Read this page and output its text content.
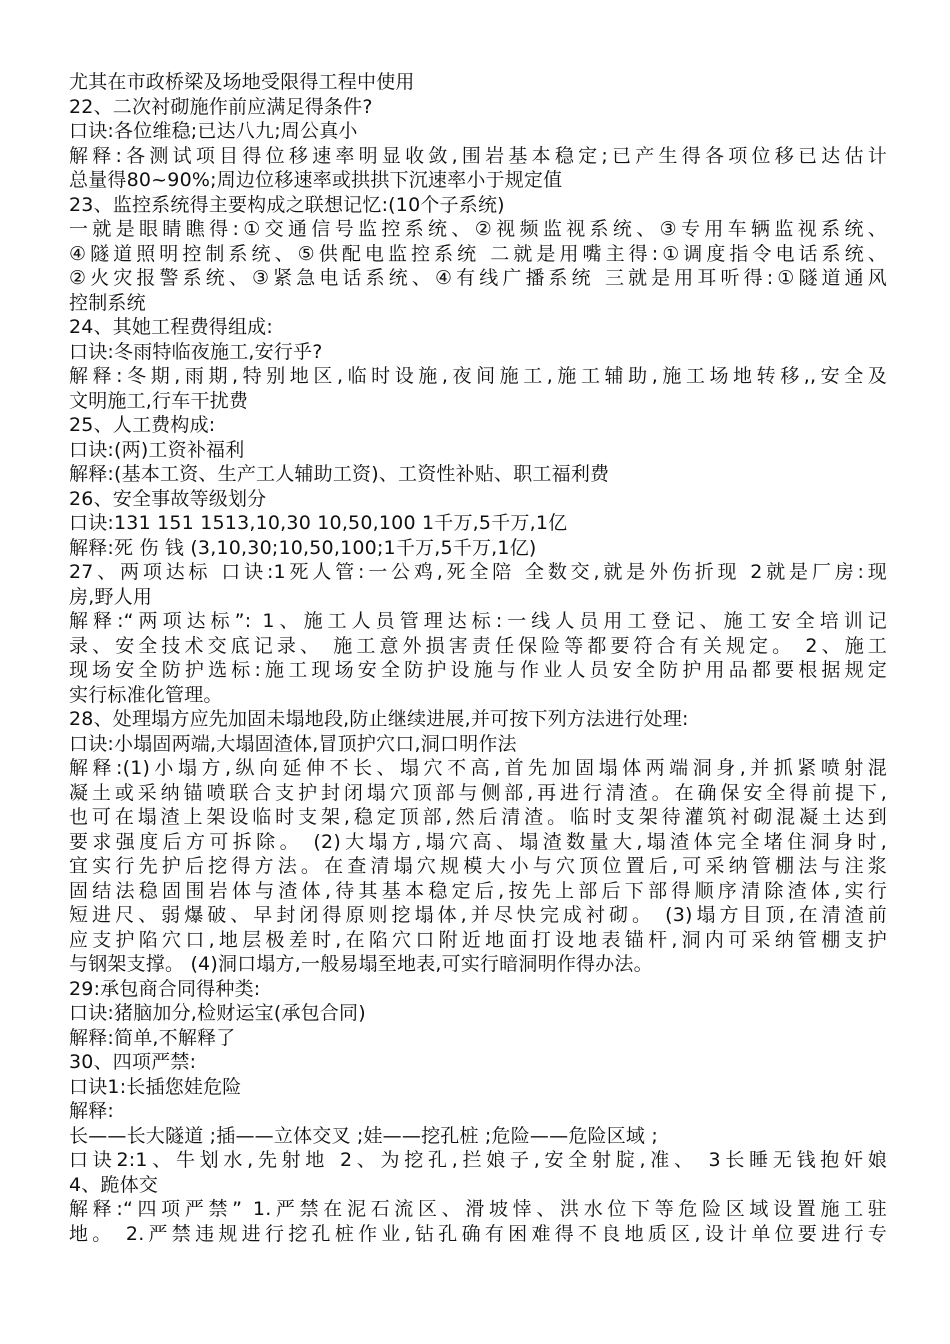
尤其在市政桥梁及场地受限得工程中使用
22、二次衬砌施作前应满足得条件?
口诀:各位维稳;已达八九;周公真小
解释:各测试项目得位移速率明显收敛,围岩基本稳定;已产生得各项位移已达估计
总量得80~90%;周边位移速率或拱拱下沉速率小于规定值
23、监控系统得主要构成之联想记忆:(10个子系统)
一就是眼睛瞧得:①交通信号监控系统、②视频监视系统、③专用车辆监视系统、
④隧道照明控制系统、⑤供配电监控系统 二就是用嘴主得:①调度指令电话系统、
②火灾报警系统、③紧急电话系统、④有线广播系统 三就是用耳听得:①隧道通风
控制系统
24、其她工程费得组成:
口诀:冬雨特临夜施工,安行乎?
解释:冬期,雨期,特别地区,临时设施,夜间施工,施工辅助,施工场地转移,,安全及
文明施工,行车干扰费
25、人工费构成:
口诀:(两)工资补福利
解释:(基本工资、生产工人辅助工资)、工资性补贴、职工福利费
26、安全事故等级划分
口诀:131 151 1513,10,30 10,50,100 1千万,5千万,1亿
解释:死 伤 钱 (3,10,30;10,50,100;1千万,5千万,1亿)
27、两项达标 口诀:1死人管:一公鸡,死全陪 全数交,就是外伤折现 2就是厂房:现
房,野人用
解释:“两项达标”: 1、施工人员管理达标:一线人员用工登记、施工安全培训记
录、安全技术交底记录、 施工意外损害责任保险等都要符合有关规定。 2、施工
现场安全防护选标:施工现场安全防护设施与作业人员安全防护用品都要根据规定
实行标准化管理。
28、处理塌方应先加固未塌地段,防止继续进展,并可按下列方法进行处理:
口诀:小塌固两端,大塌固渣体,冒顶护穴口,洞口明作法
解释:(1)小塌方,纵向延伸不长、塌穴不高,首先加固塌体两端洞身,并抓紧喷射混
凝土或采纳锚喷联合支护封闭塌穴顶部与侧部,再进行清渣。在确保安全得前提下,
也可在塌渣上架设临时支架,稳定顶部,然后清渣。临时支架待灌筑衬砌混凝土达到
要求强度后方可拆除。 (2)大塌方,塌穴高、塌渣数量大,塌渣体完全堵住洞身时,
宜实行先护后挖得方法。在查清塌穴规模大小与穴顶位置后,可采纳管棚法与注浆
固结法稳固围岩体与渣体,待其基本稳定后,按先上部后下部得顺序清除渣体,实行
短进尺、弱爆破、早封闭得原则挖塌体,并尽快完成衬砌。 (3)塌方目顶,在清渣前
应支护陷穴口,地层极差时,在陷穴口附近地面打设地表锚杆,洞内可采纳管棚支护
与钢架支撑。 (4)洞口塌方,一般易塌至地表,可实行暗洞明作得办法。
29:承包商合同得种类:
口诀:猪脑加分,检财运宝(承包合同)
解释:简单,不解释了
30、四项严禁:
口诀1:长插您娃危险
解释:
长——长大隧道 ;插——立体交叉 ;娃——挖孔桩 ;危险——危险区域 ;
口诀2:1、牛划水,先射地 2、为挖孔,拦娘子,安全射腚,准、 3长睡无钱抱奸娘
4、跪体交
解释:“四项严禁” 1.严禁在泥石流区、滑坡悻、洪水位下等危险区域设置施工驻
地。 2.严禁违规进行挖孔桩作业,钻孔确有困难得不良地质区,设计单位要进行专
